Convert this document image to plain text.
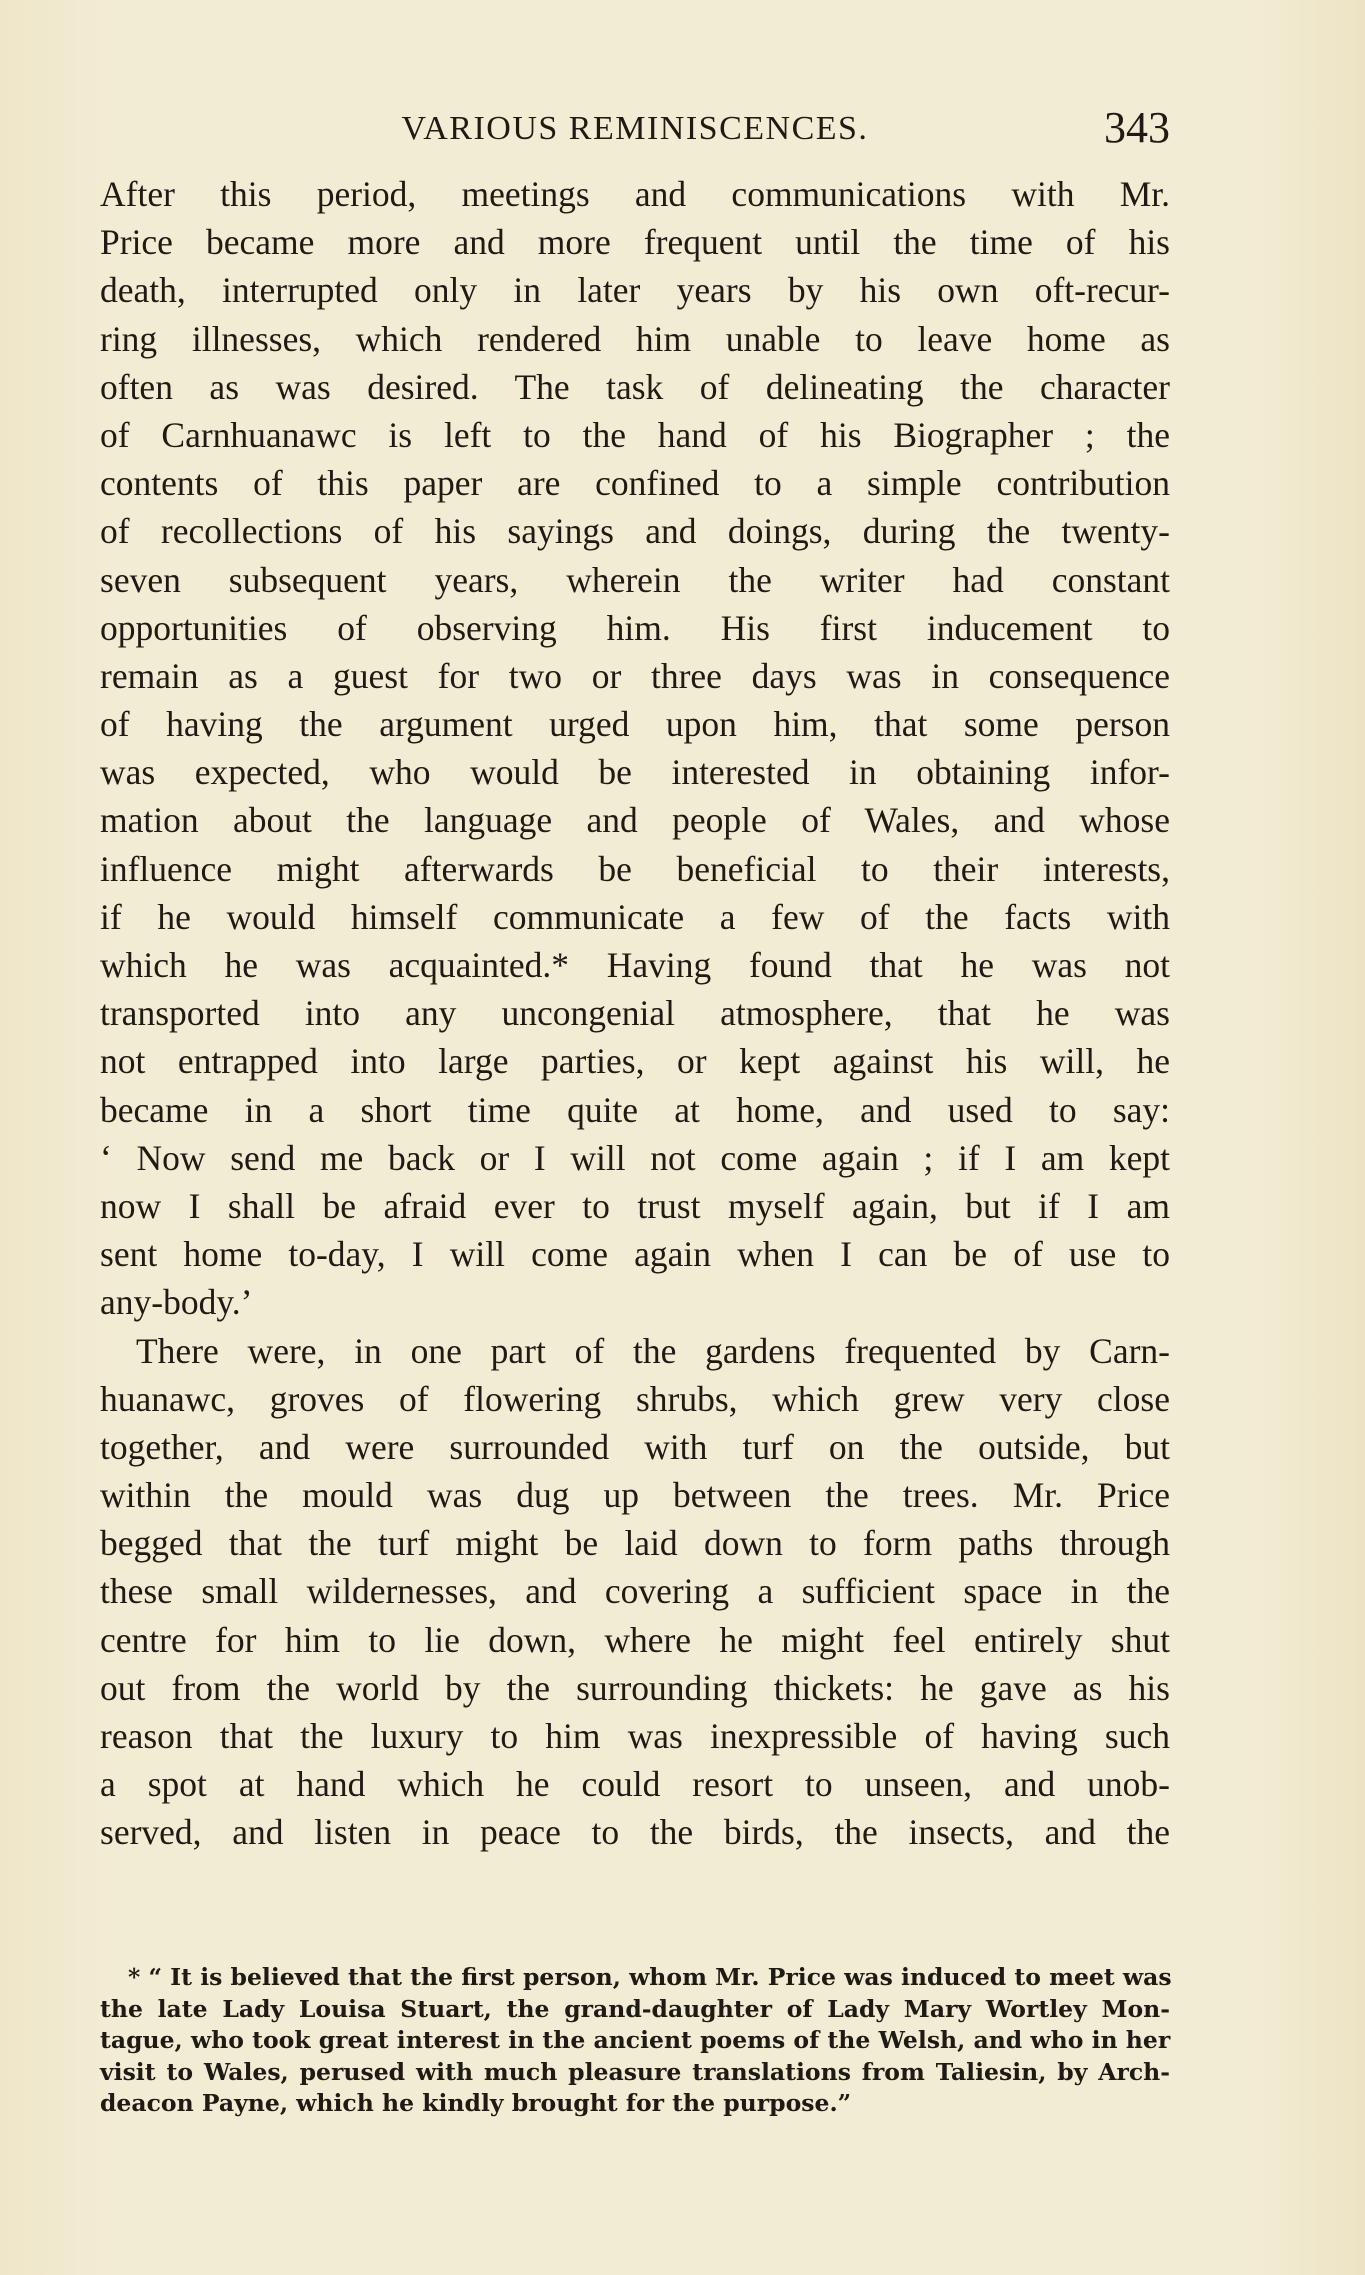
VARIOUS REMINISCENCES.	343
After this period, meetings and communications with Mr.
Price became more and more frequent until the time of his
death, interrupted only in later years by his own oft-recur-
ring illnesses, which rendered him unable to leave home as
often as was desired. The task of delineating the character
of Carnhuanawc is left to the hand of his Biographer ; the
contents of this paper are confined to a simple contribution
of recollections of his sayings and doings, during the twenty-
seven subsequent years, wherein the writer had constant
opportunities of observing him. His first inducement to
remain as a guest for two or three days was in consequence
of having the argument urged upon him, that some person
was expected, who would be interested in obtaining infor-
mation about the language and people of Wales, and whose
influence might afterwards be beneficial to their interests,
if he would himself communicate a few of the facts with
which he was acquainted.* Having found that he was not
transported into any uncongenial atmosphere, that he was
not entrapped into large parties, or kept against his will, he
became in a short time quite at home, and used to say:
‘ Now send me back or I will not come again ; if I am kept
now I shall be afraid ever to trust myself again, but if I am
sent home to-day, I will come again when I can be of use to
any-body.’
There were, in one part of the gardens frequented by Carn-
huanawc, groves of flowering shrubs, which grew very close
together, and were surrounded with turf on the outside, but
within the mould was dug up between the trees. Mr. Price
begged that the turf might be laid down to form paths through
these small wildernesses, and covering a sufficient space in the
centre for him to lie down, where he might feel entirely shut
out from the world by the surrounding thickets: he gave as his
reason that the luxury to him was inexpressible of having such
a spot at hand which he could resort to unseen, and unob-
served, and listen in peace to the birds, the insects, and the
* “ It is believed that the first person, whom Mr. Price was induced to meet was
the late Lady Louisa Stuart, the grand-daughter of Lady Mary Wortley Mon-
tague, who took great interest in the ancient poems of the Welsh, and who in her
visit to Wales, perused with much pleasure translations from Taliesin, by Arch-
deacon Payne, which he kindly brought for the purpose.”
